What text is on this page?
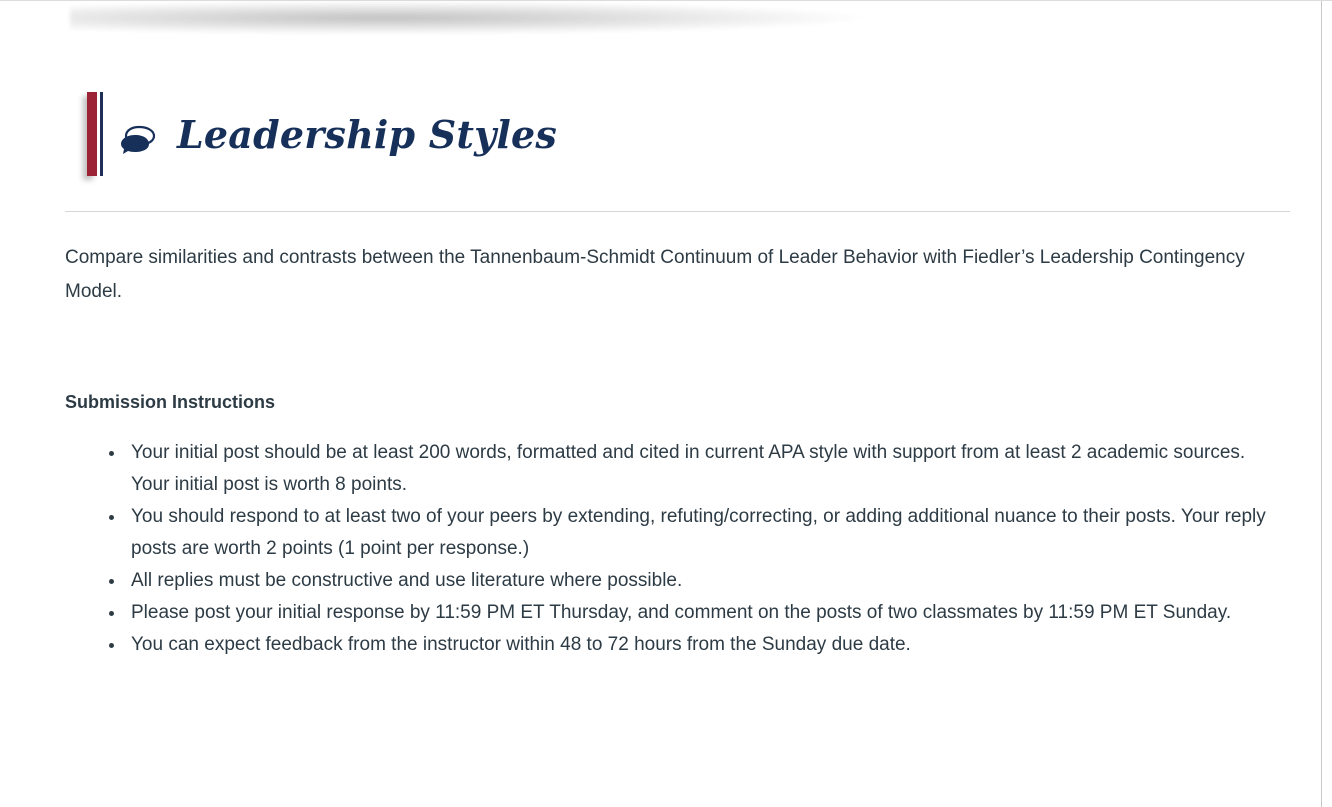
Leadership Styles

Compare similarities and contrasts between the Tannenbaum-Schmidt Continuum of Leader Behavior with Fiedler’s Leadership Contingency Model.

Submission Instructions
Your initial post should be at least 200 words, formatted and cited in current APA style with support from at least 2 academic sources. Your initial post is worth 8 points.
You should respond to at least two of your peers by extending, refuting/correcting, or adding additional nuance to their posts. Your reply posts are worth 2 points (1 point per response.)
All replies must be constructive and use literature where possible.
Please post your initial response by 11:59 PM ET Thursday, and comment on the posts of two classmates by 11:59 PM ET Sunday.
You can expect feedback from the instructor within 48 to 72 hours from the Sunday due date.
